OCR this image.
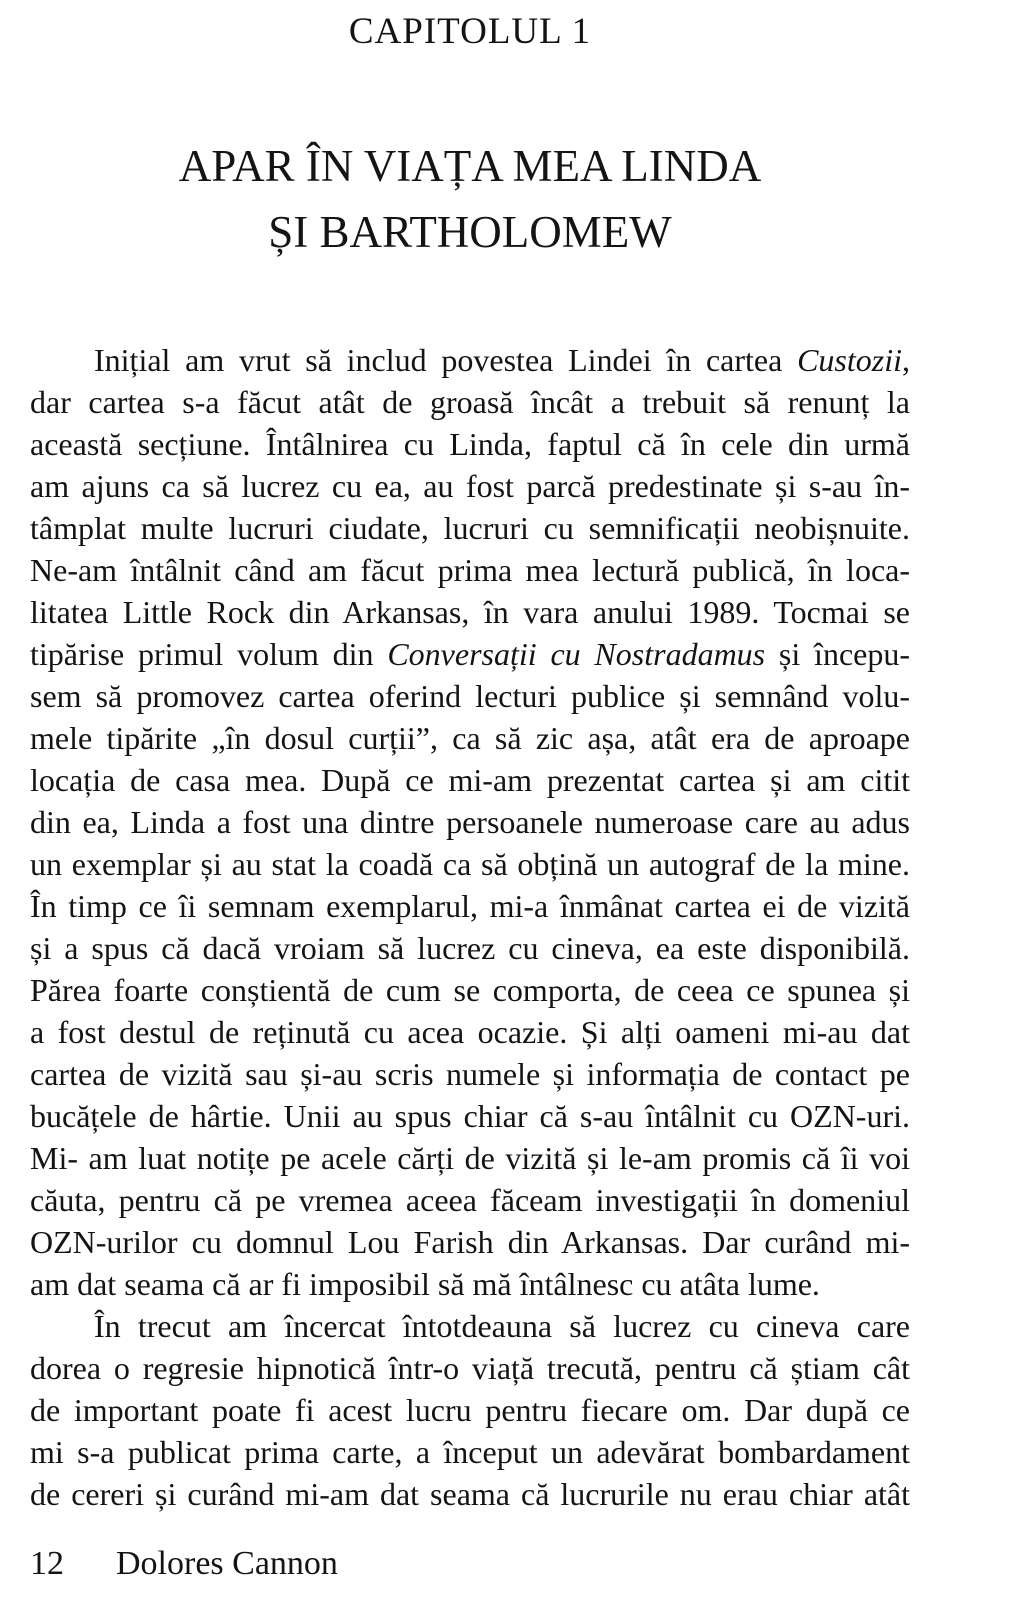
CAPITOLUL 1
APAR ÎN VIAȚA MEA LINDA
ȘI BARTHOLOMEW
Inițial am vrut să includ povestea Lindei în cartea Custozii,
dar cartea s-a făcut atât de groasă încât a trebuit să renunț la
această secțiune. Întâlnirea cu Linda, faptul că în cele din urmă
am ajuns ca să lucrez cu ea, au fost parcă predestinate și s-au în-
tâmplat multe lucruri ciudate, lucruri cu semnificații neobișnuite.
Ne-am întâlnit când am făcut prima mea lectură publică, în loca-
litatea Little Rock din Arkansas, în vara anului 1989. Tocmai se
tipărise primul volum din Conversații cu Nostradamus și începu-
sem să promovez cartea oferind lecturi publice și semnând volu-
mele tipărite „în dosul curții”, ca să zic așa, atât era de aproape
locația de casa mea. După ce mi-am prezentat cartea și am citit
din ea, Linda a fost una dintre persoanele numeroase care au adus
un exemplar și au stat la coadă ca să obțină un autograf de la mine.
În timp ce îi semnam exemplarul, mi-a înmânat cartea ei de vizită
și a spus că dacă vroiam să lucrez cu cineva, ea este disponibilă.
Părea foarte conștientă de cum se comporta, de ceea ce spunea și
a fost destul de reținută cu acea ocazie. Și alți oameni mi-au dat
cartea de vizită sau și-au scris numele și informația de contact pe
bucățele de hârtie. Unii au spus chiar că s-au întâlnit cu OZN-uri.
Mi- am luat notițe pe acele cărți de vizită și le-am promis că îi voi
căuta, pentru că pe vremea aceea făceam investigații în domeniul
OZN-urilor cu domnul Lou Farish din Arkansas. Dar curând mi-
am dat seama că ar fi imposibil să mă întâlnesc cu atâta lume.
În trecut am încercat întotdeauna să lucrez cu cineva care
dorea o regresie hipnotică într-o viață trecută, pentru că știam cât
de important poate fi acest lucru pentru fiecare om. Dar după ce
mi s-a publicat prima carte, a început un adevărat bombardament
de cereri și curând mi-am dat seama că lucrurile nu erau chiar atât
12 Dolores Cannon
